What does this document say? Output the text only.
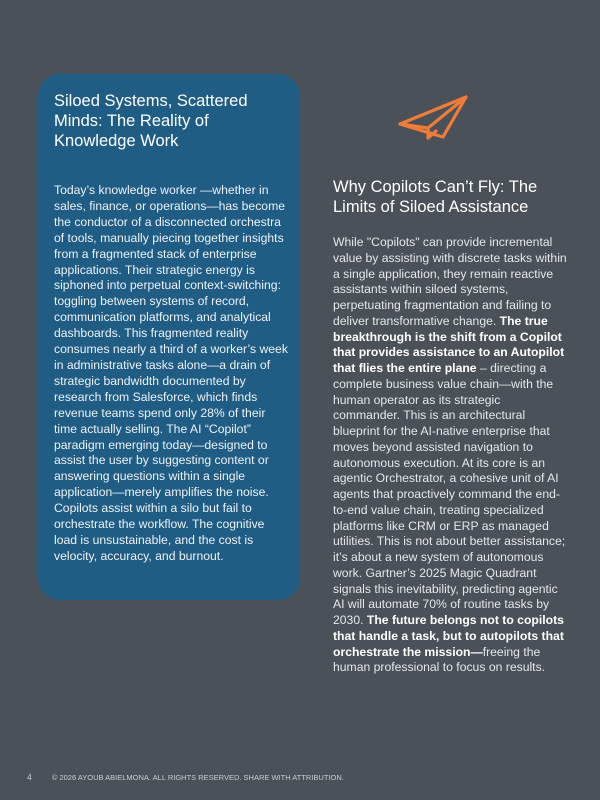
Siloed Systems, Scattered Minds: The Reality of Knowledge Work

Today’s knowledge worker —whether in sales, finance, or operations—has become the conductor of a disconnected orchestra of tools, manually piecing together insights from a fragmented stack of enterprise applications. Their strategic energy is siphoned into perpetual context-switching: toggling between systems of record, communication platforms, and analytical dashboards. This fragmented reality consumes nearly a third of a worker’s week in administrative tasks alone—a drain of strategic bandwidth documented by research from Salesforce, which finds revenue teams spend only 28% of their time actually selling. The AI “Copilot” paradigm emerging today—designed to assist the user by suggesting content or answering questions within a single application—merely amplifies the noise. Copilots assist within a silo but fail to orchestrate the workflow. The cognitive load is unsustainable, and the cost is velocity, accuracy, and burnout.

Why Copilots Can’t Fly: The Limits of Siloed Assistance

While "Copilots" can provide incremental value by assisting with discrete tasks within a single application, they remain reactive assistants within siloed systems, perpetuating fragmentation and failing to deliver transformative change. The true breakthrough is the shift from a Copilot that provides assistance to an Autopilot that flies the entire plane – directing a complete business value chain—with the human operator as its strategic commander. This is an architectural blueprint for the AI-native enterprise that moves beyond assisted navigation to autonomous execution. At its core is an agentic Orchestrator, a cohesive unit of AI agents that proactively command the end-to-end value chain, treating specialized platforms like CRM or ERP as managed utilities. This is not about better assistance; it’s about a new system of autonomous work. Gartner’s 2025 Magic Quadrant signals this inevitability, predicting agentic AI will automate 70% of routine tasks by 2030. The future belongs not to copilots that handle a task, but to autopilots that orchestrate the mission—freeing the human professional to focus on results.

4	© 2026 AYOUB ABIELMONA. ALL RIGHTS RESERVED. SHARE WITH ATTRIBUTION.
